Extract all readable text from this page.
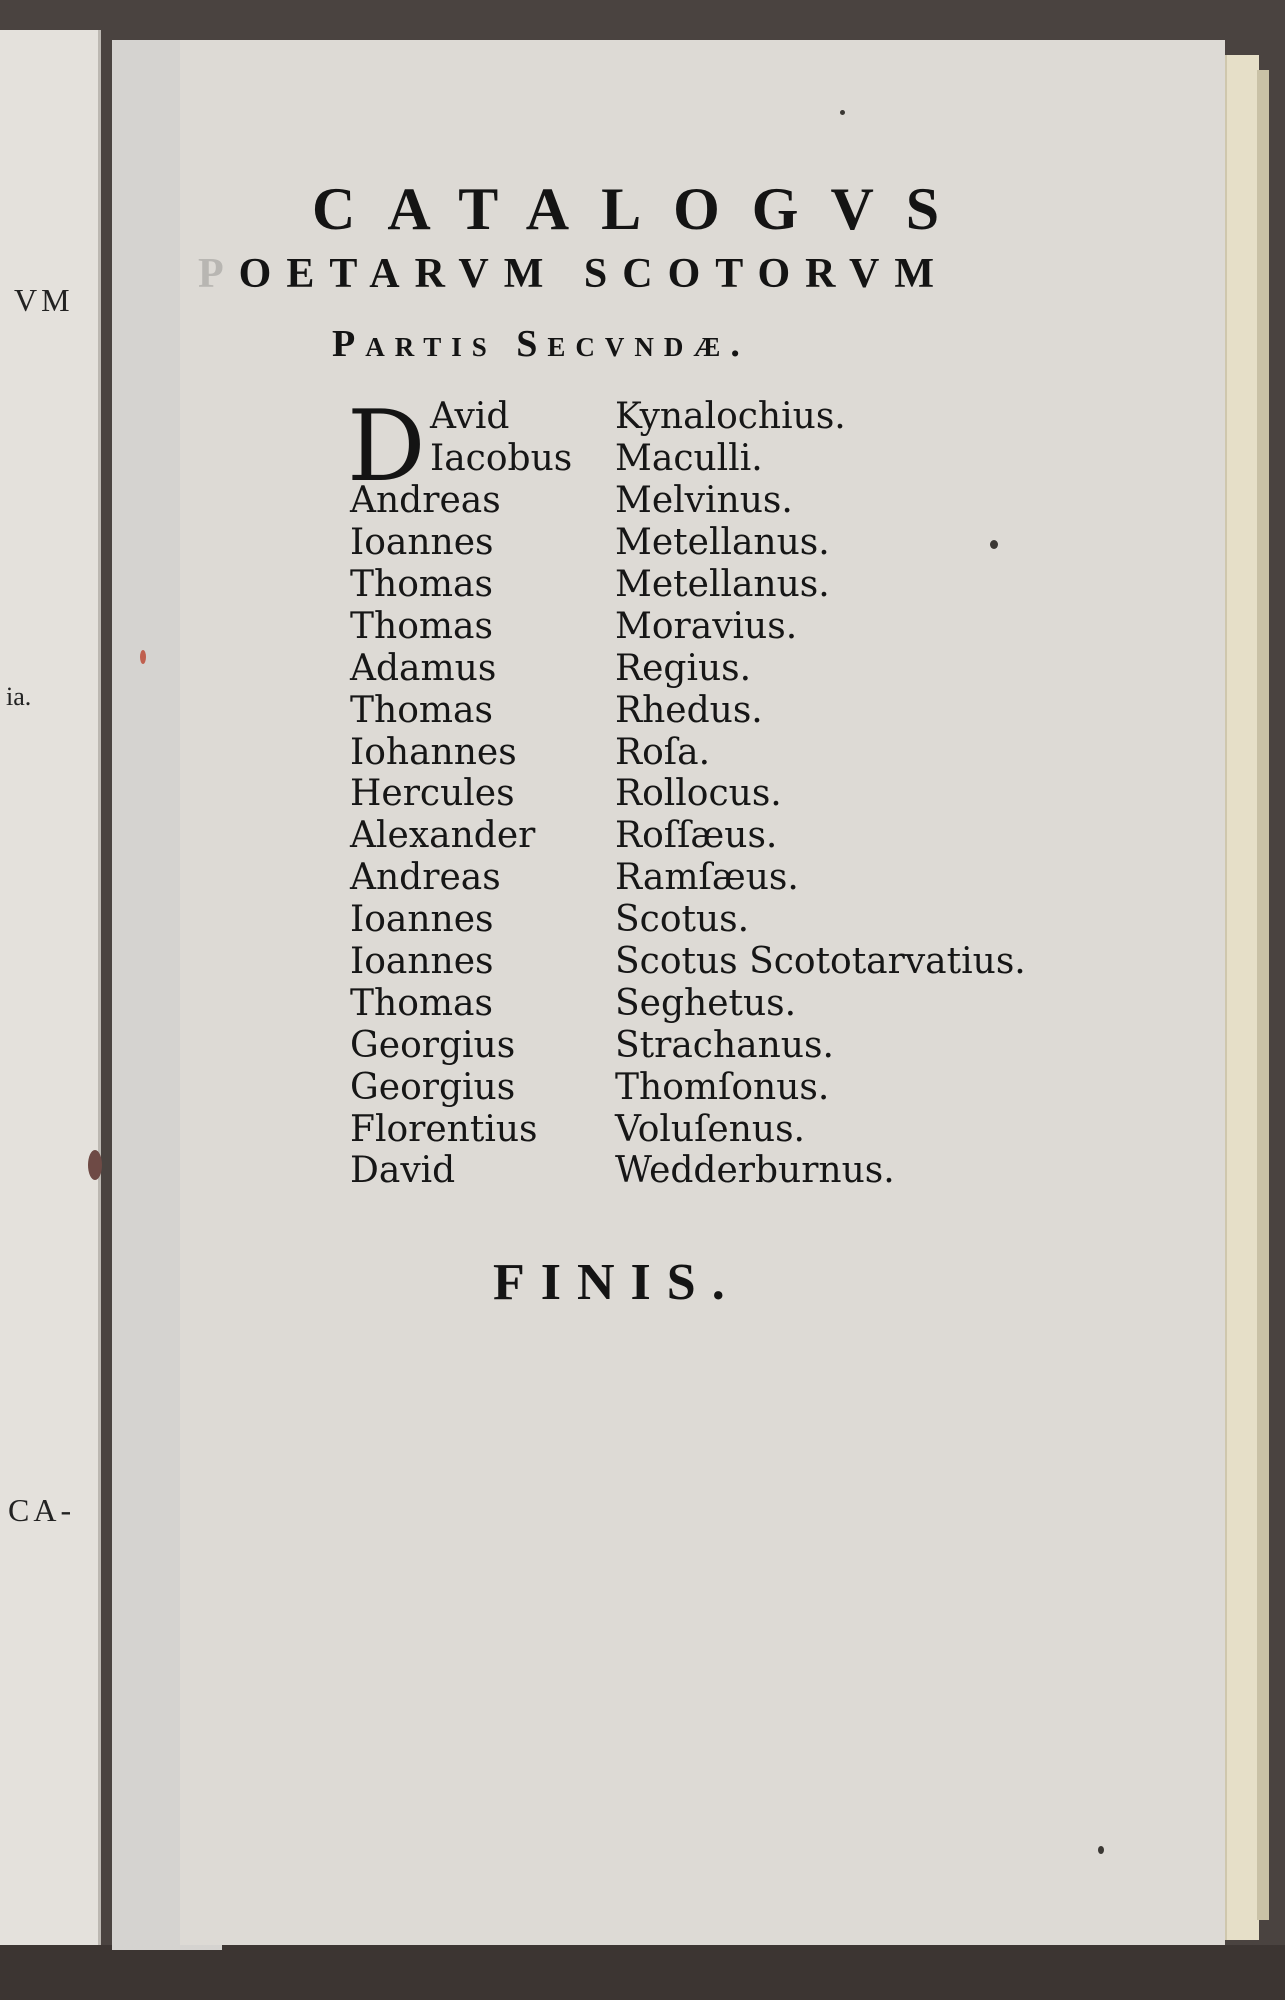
VM
ia.
CA-
CATALOGVS
POETARVM SCOTORVM
Partis Secvndæ.
D Avid	Kynalochius.
Iacobus	Maculli.
Andreas	Melvinus.
Ioannes	Metellanus.
Thomas	Metellanus.
Thomas	Moravius.
Adamus	Regius.
Thomas	Rhedus.
Iohannes	Roſa.
Hercules	Rollocus.
Alexander	Roſſæus.
Andreas	Ramſæus.
Ioannes	Scotus.
Ioannes	Scotus Scototarvatius.
Thomas	Seghetus.
Georgius	Strachanus.
Georgius	Thomſonus.
Florentius	Voluſenus.
David	Wedderburnus.
FINIS.
